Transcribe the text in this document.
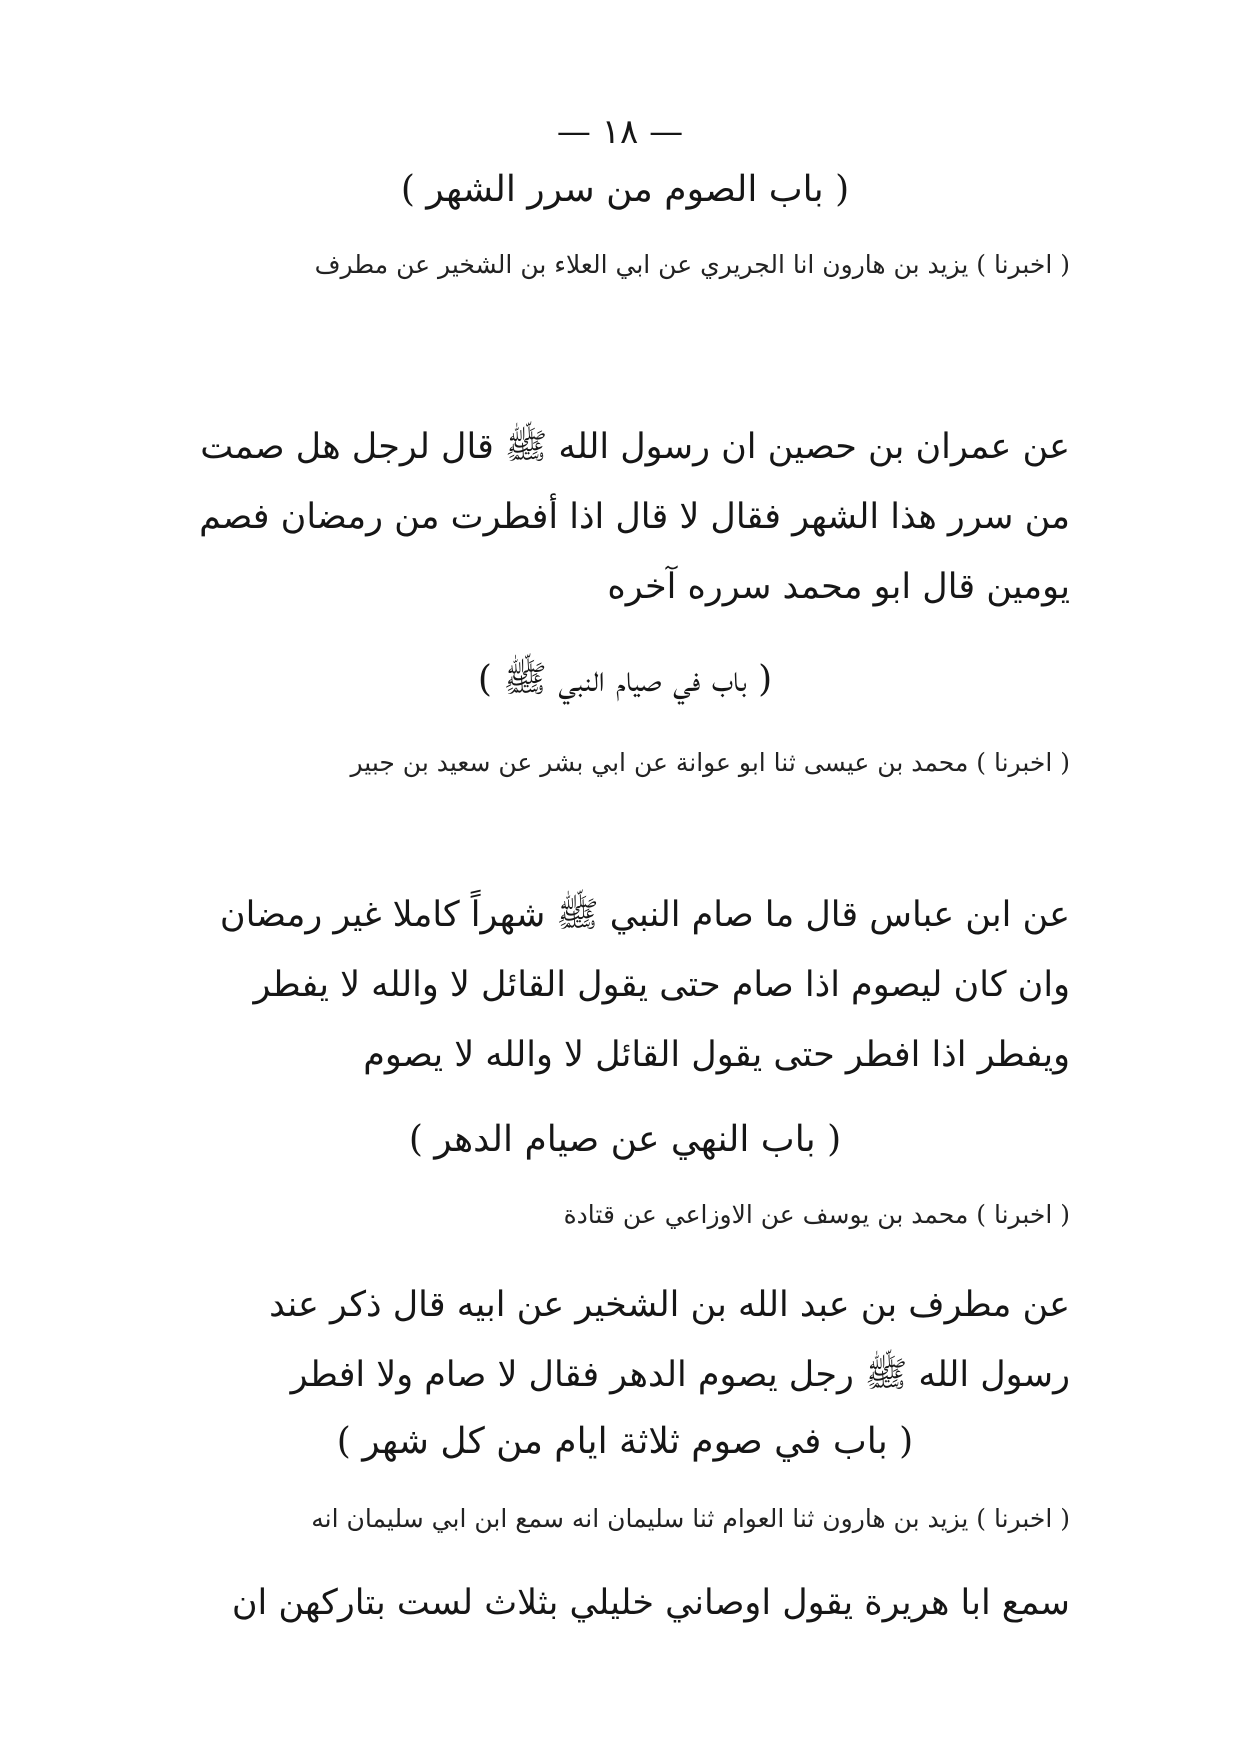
— ١٨ —

( باب الصوم من سرر الشهر )

( اخبرنا ) يزيد بن هارون انا الجريري عن ابي العلاء بن الشخير عن مطرف

عن عمران بن حصين ان رسول الله ﷺ قال لرجل هل صمت من سرر هذا الشهر فقال لا قال اذا أفطرت من رمضان فصم يومين قال ابو محمد سرره آخره

( باب في صيام النبي ﷺ )

( اخبرنا ) محمد بن عيسى ثنا ابو عوانة عن ابي بشر عن سعيد بن جبير

عن ابن عباس قال ما صام النبي ﷺ شهراً كاملا غير رمضان وان كان ليصوم اذا صام حتى يقول القائل لا والله لا يفطر ويفطر اذا افطر حتى يقول القائل لا والله لا يصوم

( باب النهي عن صيام الدهر )

( اخبرنا ) محمد بن يوسف عن الاوزاعي عن قتادة

عن مطرف بن عبد الله بن الشخير عن ابيه قال ذكر عند رسول الله ﷺ رجل يصوم الدهر فقال لا صام ولا افطر

( باب في صوم ثلاثة ايام من كل شهر )

( اخبرنا ) يزيد بن هارون ثنا العوام ثنا سليمان انه سمع ابن ابي سليمان انه

سمع ابا هريرة يقول اوصاني خليلي بثلاث لست بتاركهن ان
